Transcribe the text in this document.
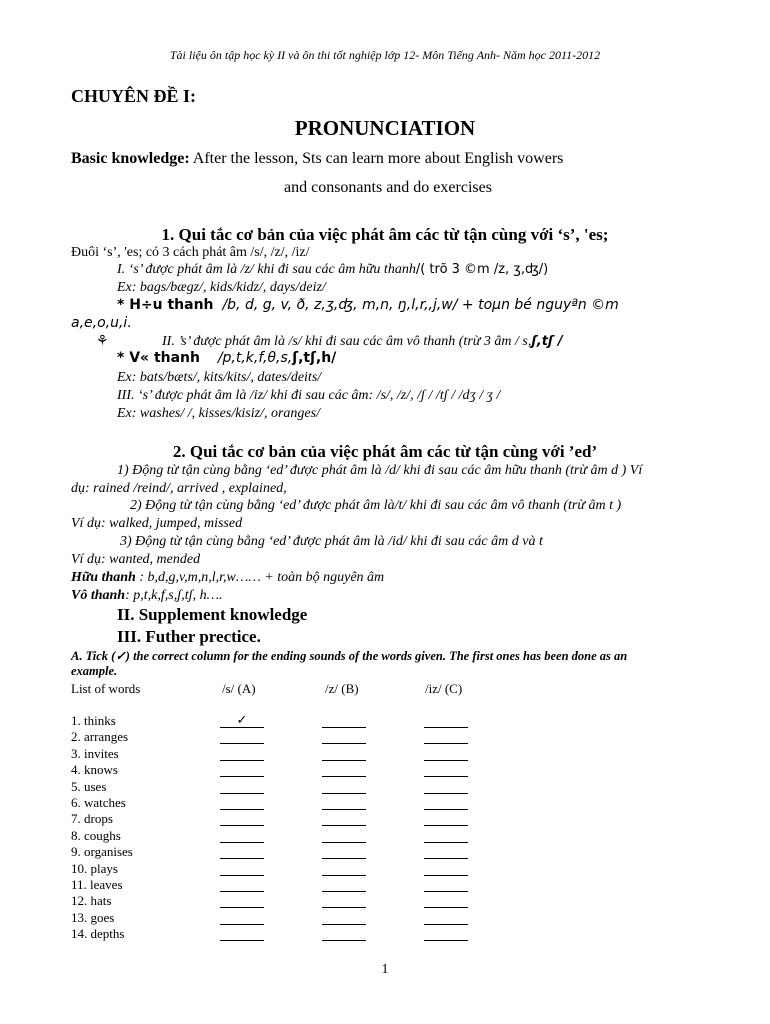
Tài liệu ôn tập học kỳ II và ôn thi tốt nghiệp lớp 12- Môn Tiếng Anh- Năm học 2011-2012
CHUYÊN ĐỀ I:
PRONUNCIATION
Basic knowledge: After the lesson, Sts can learn more about English vowers
and consonants and do exercises
1. Qui tắc cơ bản của việc phát âm các từ tận cùng với ‘s’, 'es;
Đuôi ‘s’, 'es; có 3 cách phát âm /s/, /z/, /iz/
I. ‘s’ được phát âm là /z/ khi đi sau các âm hữu thanh/( trõ 3 ©m /z, ʒ,ʤ/)
Ex: bags/bægz/, kids/kidz/, days/deiz/
* H÷u thanh /b, d, g, v, ð, z,ʒ,ʤ, m,n, ŋ,l,r,,j,w/ + toµn bé nguyªn ©m
a,e,o,u,i.
⚘	II. ’s’ được phát âm là /s/ khi đi sau các âm vô thanh (trừ 3 âm / s,ʃ,tʃ /
* V« thanh /p,t,k,f,θ,s,ʃ,tʃ,h/
Ex: bats/bæts/, kits/kits/, dates/deits/
III. ‘s’ được phát âm là /iz/ khi đi sau các âm: /s/, /z/, /ʃ / /tʃ / /dʒ / ʒ /
Ex: washes/ /, kisses/kisiz/, oranges/
2. Qui tắc cơ bản của việc phát âm các từ tận cùng với ’ed’
1) Động từ tận cùng bằng ‘ed’ được phát âm là /d/ khi đi sau các âm hữu thanh (trừ âm d ) Ví
dụ: rained /reind/, arrived , explained,
2) Động từ tận cùng bằng ‘ed’ được phát âm là/t/ khi đi sau các âm vô thanh (trừ âm t )
Ví dụ: walked, jumped, missed
3) Động từ tận cùng bằng ‘ed’ được phát âm là /id/ khi đi sau các âm d và t
Ví dụ: wanted, mended
Hữu thanh : b,d,g,v,m,n,l,r,w…… + toàn bộ nguyên âm
Vô thanh: p,t,k,f,s,ʃ,tʃ, h….
II. Supplement knowledge
III. Futher prectice.
A. Tick (✓) the correct column for the ending sounds of the words given. The first ones has been done as an
example.
List of words	/s/ (A)	/z/ (B)	/iz/ (C)
1. thinks	✓
2. arranges
3. invites
4. knows
5. uses
6. watches
7. drops
8. coughs
9. organises
10. plays
11. leaves
12. hats
13. goes
14. depths
1
